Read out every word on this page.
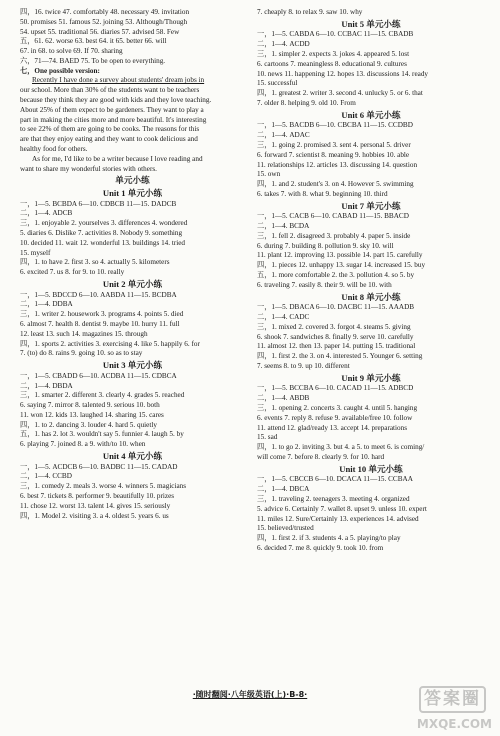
四，16. twice 47. comfortably 48. necessary 49. invitation
50. promises 51. famous 52. joining 53. Although/Though
54. upset 55. traditional 56. diaries 57. advised 58. Few
五，61. 62. worse 63. best 64. it 65. better 66. will
67. in 68. to solve 69. If 70. sharing
六，71—74. BAED 75. To be open to everything.
七，One possible version:
Recently I have done a survey about students' dream jobs in
our school. More than 30% of the students want to be teachers
because they think they are good with kids and they love teaching.
About 25% of them expect to be gardeners. They want to play a
part in making the cities more and more beautiful. It's interesting
to see 22% of them are going to be cooks. The reasons for this
are that they enjoy eating and they want to cook delicious and
healthy food for others.
As for me, I'd like to be a writer because I love reading and
want to share my wonderful stories with others.
单元小练
Unit 1 单元小练
一，1—5. BCBDA 6—10. CDBCB 11—15. DADCB
二，1—4. ADCB
三，1. enjoyable 2. yourselves 3. differences 4. wondered
5. diaries 6. Dislike 7. activities 8. Nobody 9. something
10. decided 11. wait 12. wonderful 13. buildings 14. tried
15. myself
四，1. to have 2. first 3. so 4. actually 5. kilometers
6. excited 7. us 8. for 9. to 10. really
Unit 2 单元小练
一，1—5. BDCCD 6—10. AABDA 11—15. BCDBA
二，1—4. DDBA
三，1. writer 2. housework 3. programs 4. points 5. died
6. almost 7. health 8. dentist 9. maybe 10. hurry 11. full
12. least 13. such 14. magazines 15. through
四，1. sports 2. activities 3. exercising 4. like 5. happily 6. for
7. (to) do 8. rains 9. going 10. so as to stay
Unit 3 单元小练
一，1—5. CBADD 6—10. ACDBA 11—15. CDBCA
二，1—4. DBDA
三，1. smarter 2. different 3. clearly 4. grades 5. reached
6. saying 7. mirror 8. talented 9. serious 10. both
11. won 12. kids 13. laughed 14. sharing 15. cares
四，1. to 2. dancing 3. louder 4. hard 5. quietly
五，1. has 2. lot 3. wouldn't say 5. funnier 4. laugh 5. by
6. playing 7. joined 8. a 9. with/to 10. when
Unit 4 单元小练
一，1—5. ACDCB 6—10. BADBC 11—15. CADAD
二，1—4. CCBD
三，1. comedy 2. meals 3. worse 4. winners 5. magicians
6. best 7. tickets 8. performer 9. beautifully 10. prizes
11. chose 12. worst 13. talent 14. gives 15. seriously
四，1. Model 2. visiting 3. a 4. oldest 5. years 6. us
7. cheaply 8. to relax 9. saw 10. why
Unit 5 单元小练
一，1—5. CABDA 6—10. CCBAC 11—15. CBADB
二，1—4. ACDD
三，1. simpler 2. expects 3. jokes 4. appeared 5. lost
6. cartoons 7. meaningless 8. educational 9. cultures
10. news 11. happening 12. hopes 13. discussions 14. ready
15. successful
四，1. greatest 2. writer 3. second 4. unlucky 5. or 6. that
7. older 8. helping 9. old 10. From
Unit 6 单元小练
一，1—5. BACDB 6—10. CBCBA 11—15. CCDBD
二，1—4. ADAC
三，1. going 2. promised 3. sent 4. personal 5. driver
6. forward 7. scientist 8. meaning 9. hobbies 10. able
11. relationships 12. articles 13. discussing 14. question
15. own
四，1. and 2. student's 3. on 4. However 5. swimming
6. takes 7. with 8. what 9. beginning 10. third
Unit 7 单元小练
一，1—5. CACB 6—10. CABAD 11—15. BBACD
二，1—4. BCDA
三，1. fell 2. disagreed 3. probably 4. paper 5. inside
6. during 7. building 8. pollution 9. sky 10. will
11. plant 12. improving 13. possible 14. part 15. carefully
四，1. pieces 12. unhappy 13. sugar 14. increased 15. buy
五，1. more comfortable 2. the 3. pollution 4. so 5. by
6. traveling 7. easily 8. their 9. will be 10. with
Unit 8 单元小练
一，1—5. DBACA 6—10. DACBC 11—15. AAADB
二，1—4. CADC
三，1. mixed 2. covered 3. forgot 4. steams 5. giving
6. shook 7. sandwiches 8. finally 9. serve 10. carefully
11. almost 12. then 13. paper 14. putting 15. traditional
四，1. first 2. the 3. on 4. interested 5. Younger 6. setting
7. seems 8. to 9. up 10. different
Unit 9 单元小练
一，1—5. BCCBA 6—10. CACAD 11—15. ADBCD
二，1—4. ABDB
三，1. opening 2. concerts 3. caught 4. until 5. hanging
6. events 7. reply 8. refuse 9. available/free 10. follow
11. attend 12. glad/ready 13. accept 14. preparations
15. sad
四，1. to go 2. inviting 3. but 4. a 5. to meet 6. is coming/
will come 7. before 8. clearly 9. for 10. hard
Unit 10 单元小练
一，1—5. CBCCB 6—10. DCACA 11—15. CCBAA
二，1—4. DBCA
三，1. traveling 2. teenagers 3. meeting 4. organized
5. advice 6. Certainly 7. wallet 8. upset 9. unless 10. expert
11. miles 12. Sure/Certainly 13. experiences 14. advised
15. believed/trusted
四，1. first 2. if 3. students 4. a 5. playing/to play
6. decided 7. me 8. quickly 9. took 10. from
·随时翻阅·八年级英语(上)·B-8·	答案圈
MXQE.COM
